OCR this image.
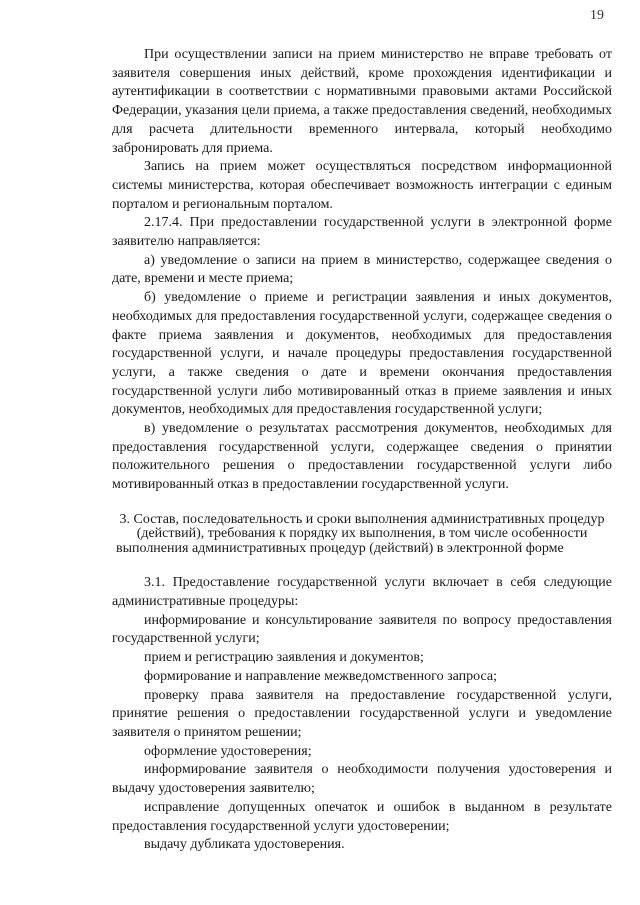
19

При осуществлении записи на прием министерство не вправе требовать от заявителя совершения иных действий, кроме прохождения идентификации и аутентификации в соответствии с нормативными правовыми актами Российской Федерации, указания цели приема, а также предоставления сведений, необходимых для расчета длительности временного интервала, который необходимо забронировать для приема.

Запись на прием может осуществляться посредством информационной системы министерства, которая обеспечивает возможность интеграции с единым порталом и региональным порталом.

2.17.4. При предоставлении государственной услуги в электронной форме заявителю направляется:

а) уведомление о записи на прием в министерство, содержащее сведения о дате, времени и месте приема;

б) уведомление о приеме и регистрации заявления и иных документов, необходимых для предоставления государственной услуги, содержащее сведения о факте приема заявления и документов, необходимых для предоставления государственной услуги, и начале процедуры предоставления государственной услуги, а также сведения о дате и времени окончания предоставления государственной услуги либо мотивированный отказ в приеме заявления и иных документов, необходимых для предоставления государственной услуги;

в) уведомление о результатах рассмотрения документов, необходимых для предоставления государственной услуги, содержащее сведения о принятии положительного решения о предоставлении государственной услуги либо мотивированный отказ в предоставлении государственной услуги.

3. Состав, последовательность и сроки выполнения административных процедур (действий), требования к порядку их выполнения, в том числе особенности выполнения административных процедур (действий) в электронной форме

3.1. Предоставление государственной услуги включает в себя следующие административные процедуры:

информирование и консультирование заявителя по вопросу предоставления государственной услуги;

прием и регистрацию заявления и документов;

формирование и направление межведомственного запроса;

проверку права заявителя на предоставление государственной услуги, принятие решения о предоставлении государственной услуги и уведомление заявителя о принятом решении;

оформление удостоверения;

информирование заявителя о необходимости получения удостоверения и выдачу удостоверения заявителю;

исправление допущенных опечаток и ошибок в выданном в результате предоставления государственной услуги удостоверении;

выдачу дубликата удостоверения.
